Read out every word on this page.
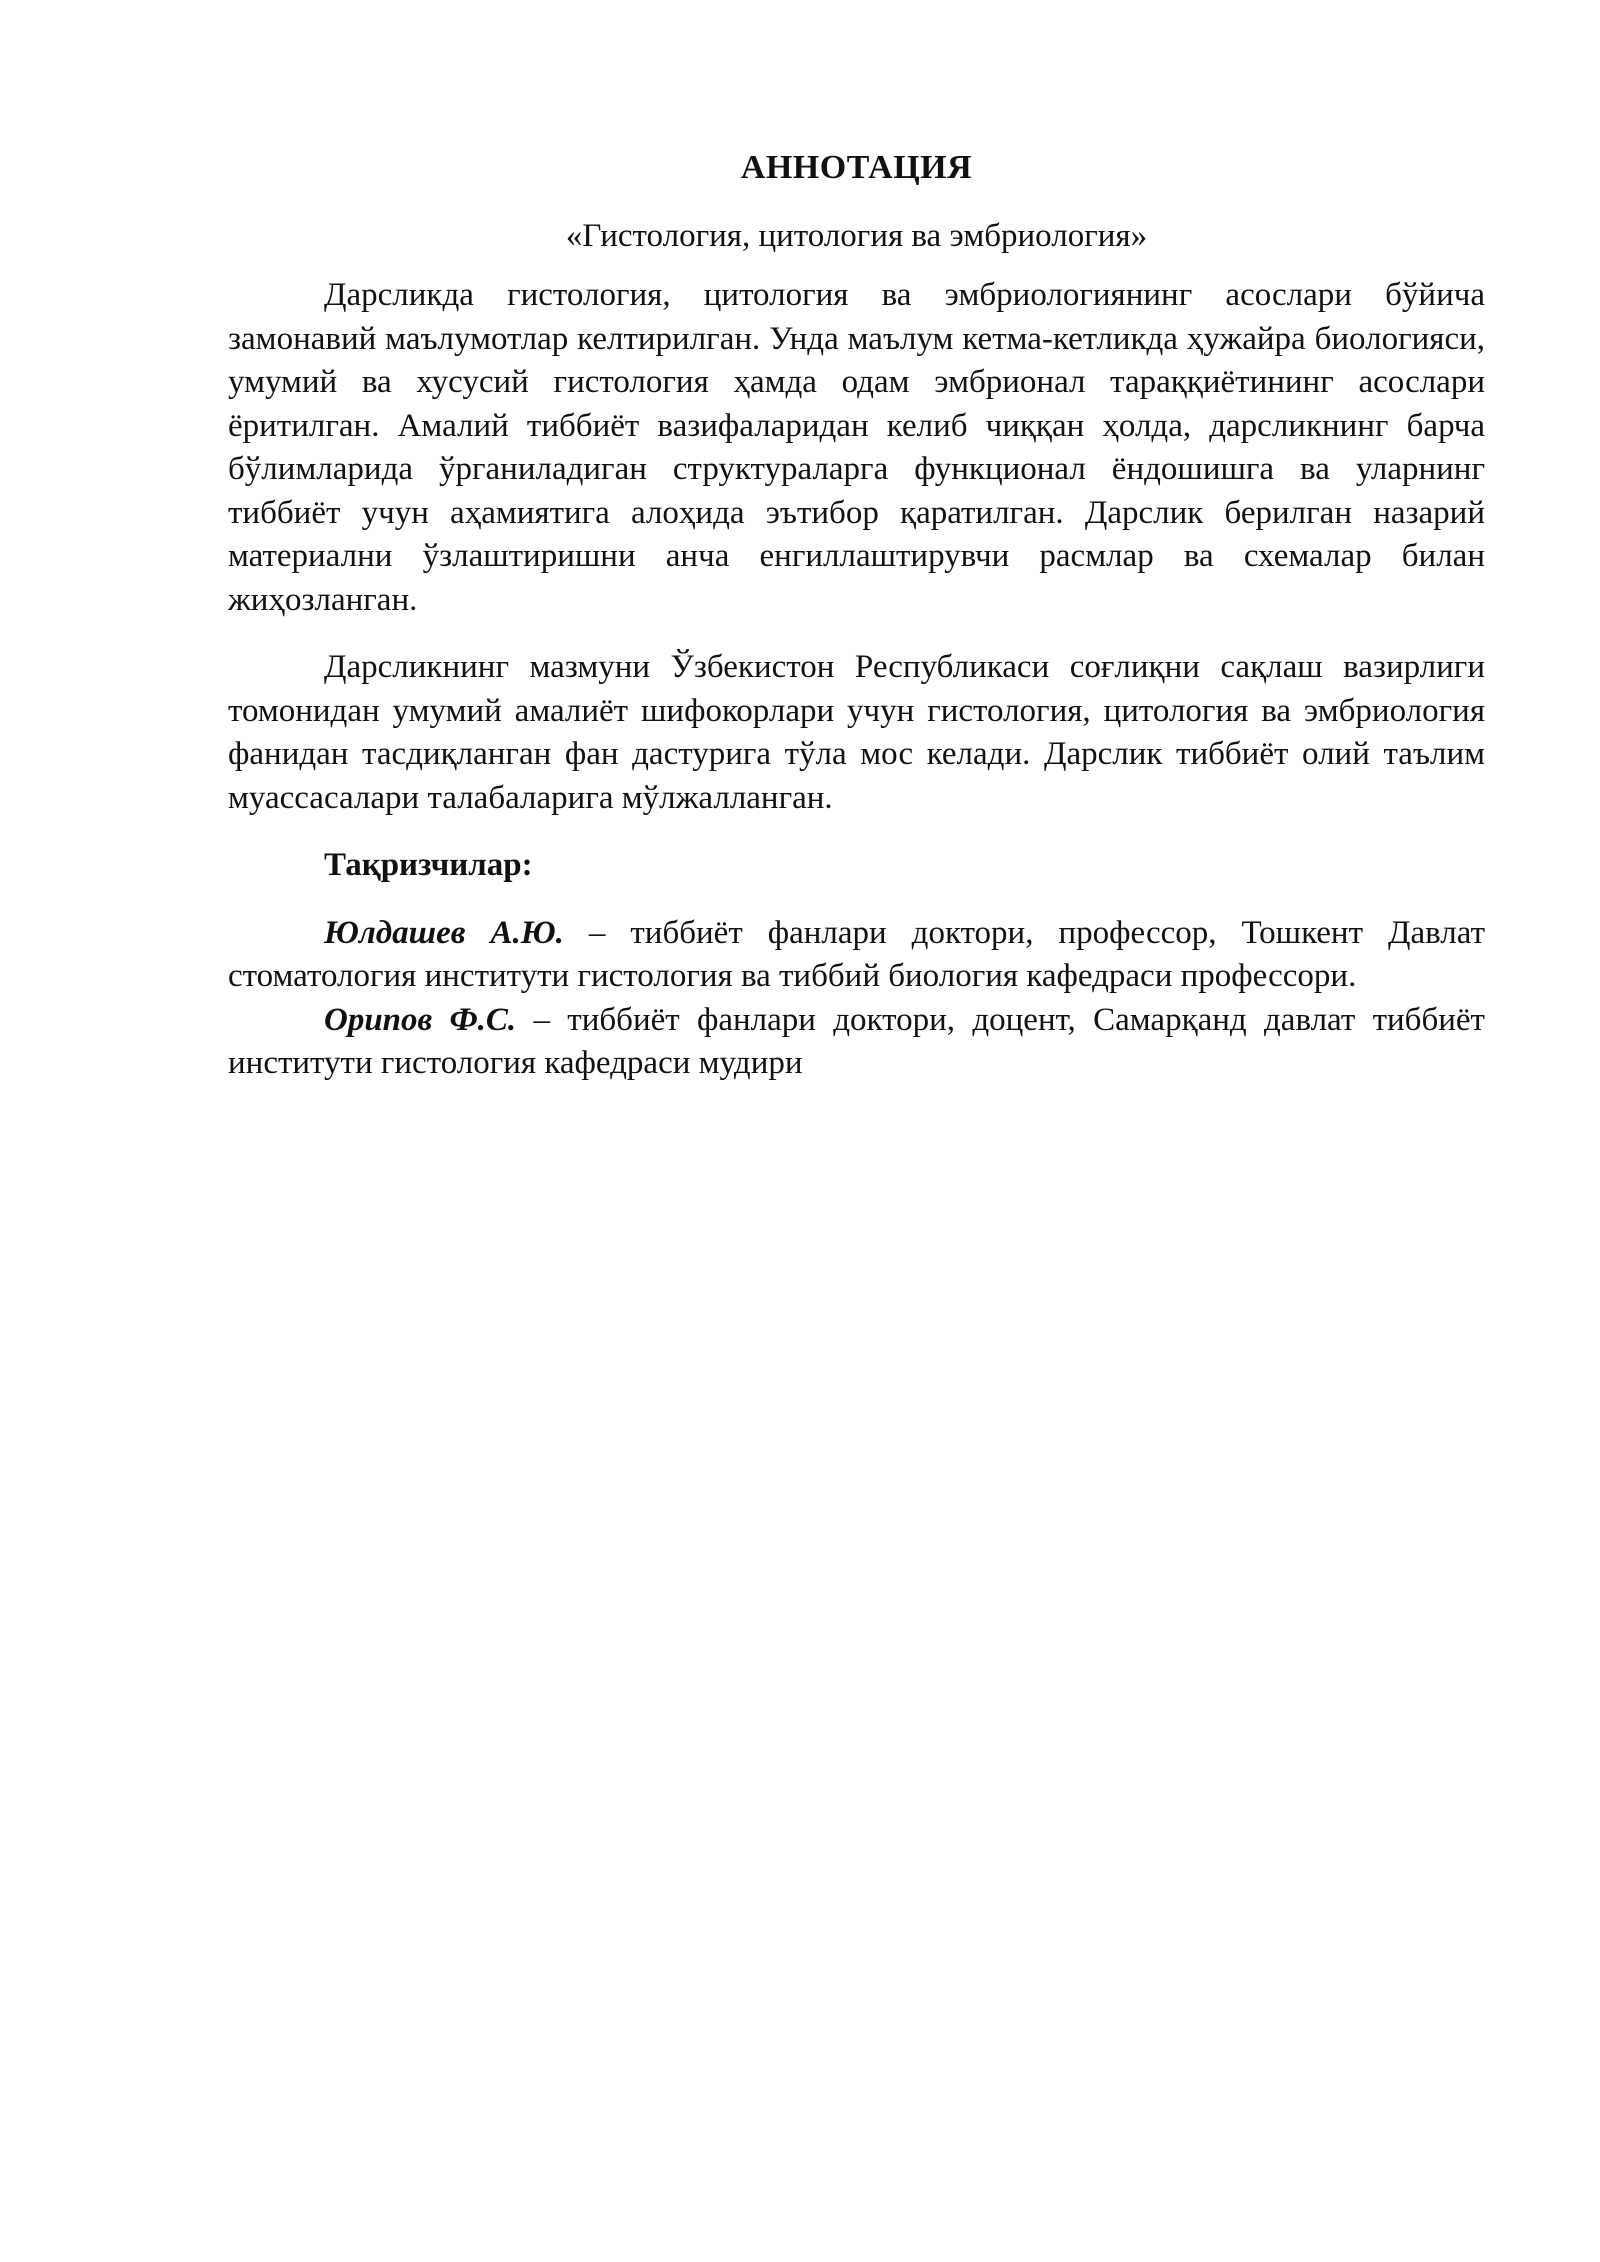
АННОТАЦИЯ
«Гистология, цитология ва эмбриология»

Дарсликда гистология, цитология ва эмбриологиянинг асослари бўйича замонавий маълумотлар келтирилган. Унда маълум кетма-кетликда ҳужайра биологияси, умумий ва хусусий гистология ҳамда одам эмбрионал тараққиётининг асослари ёритилган. Амалий тиббиёт вазифаларидан келиб чиққан ҳолда, дарсликнинг барча бўлимларида ўрганиладиган структураларга функционал ёндошишга ва уларнинг тиббиёт учун аҳамиятига алоҳида эътибор қаратилган. Дарслик берилган назарий материални ўзлаштиришни анча енгиллаштирувчи расмлар ва схемалар билан жиҳозланган.

Дарсликнинг мазмуни Ўзбекистон Республикаси соғлиқни сақлаш вазирлиги томонидан умумий амалиёт шифокорлари учун гистология, цитология ва эмбриология фанидан тасдиқланган фан дастурига тўла мос келади. Дарслик тиббиёт олий таълим муассасалари талабаларига мўлжалланган.

Тақризчилар:

Юлдашев А.Ю. – тиббиёт фанлари доктори, профессор, Тошкент Давлат стоматология институти гистология ва тиббий биология кафедраси профессори.

Орипов Ф.С. – тиббиёт фанлари доктори, доцент, Самарқанд давлат тиббиёт институти гистология кафедраси мудири
